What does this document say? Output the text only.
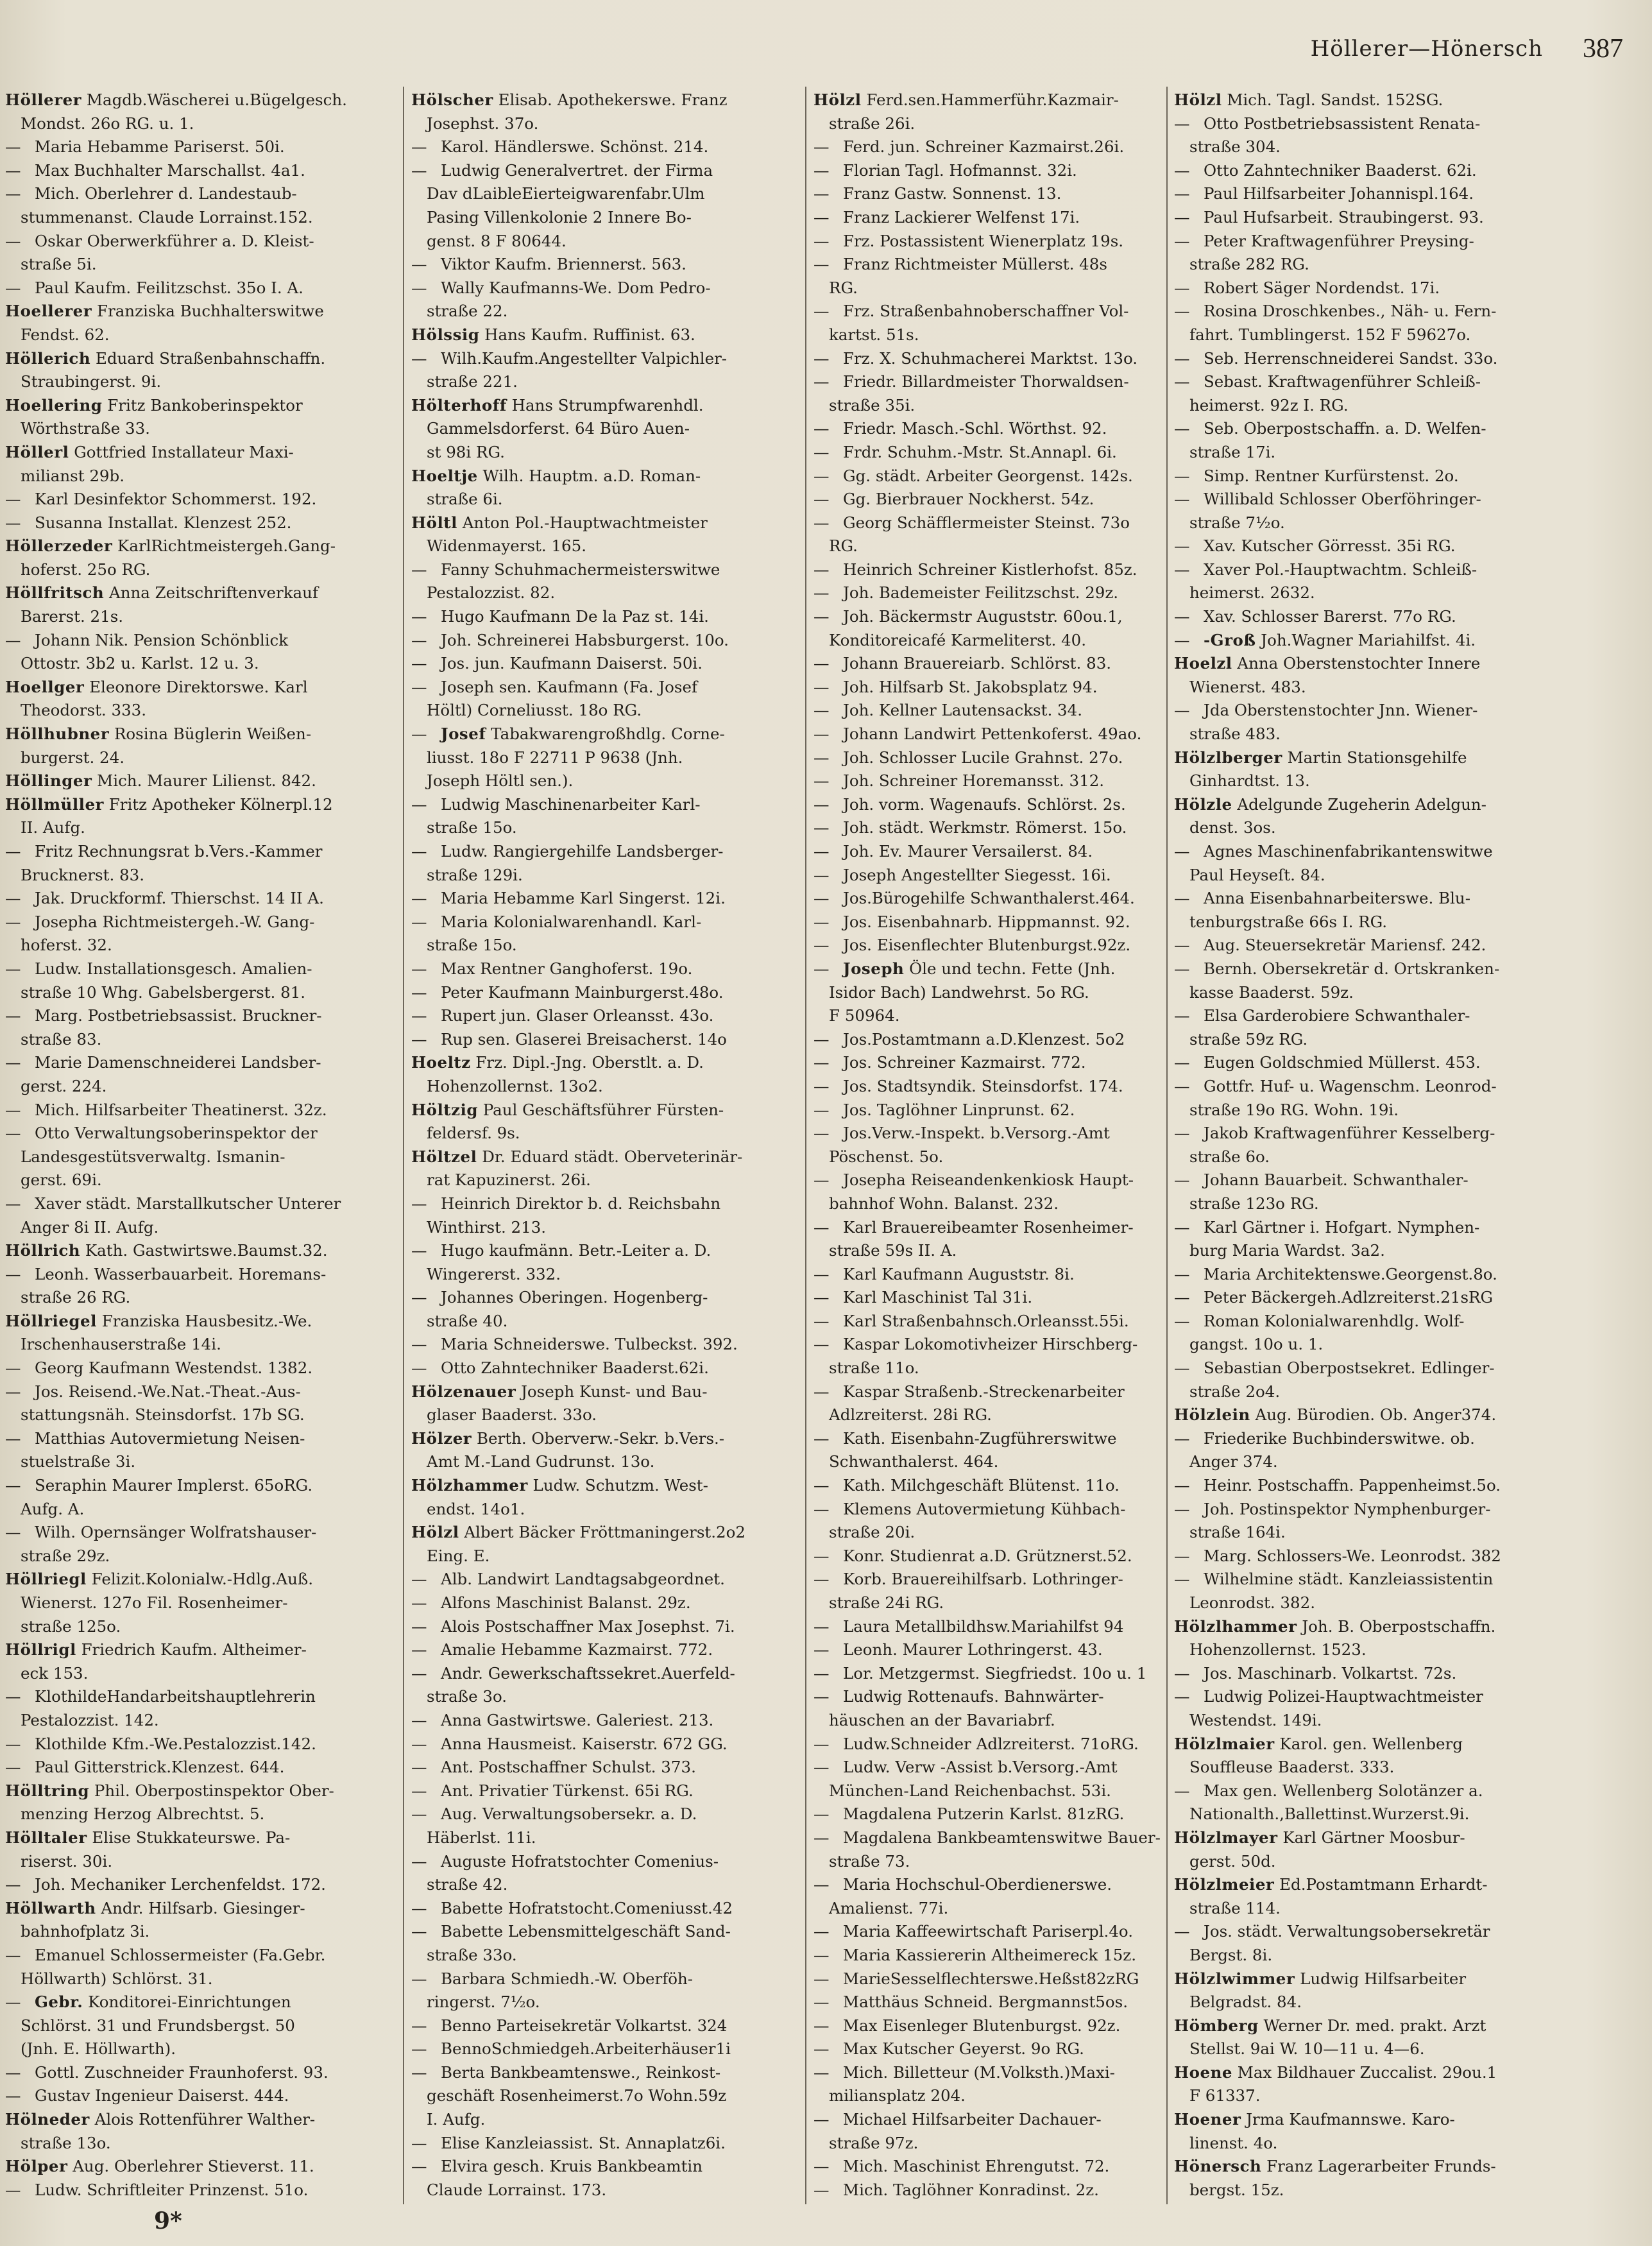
Höllerer—Hönersch 387
Höllerer Magdb.Wäscherei u.Bügelgesch.
Mondst. 26o RG. u. 1.
— Maria Hebamme Pariserst. 50i.
— Max Buchhalter Marschallst. 4a1.
— Mich. Oberlehrer d. Landestaub-
stummenanst. Claude Lorrainst.152.
— Oskar Oberwerkführer a. D. Kleist-
straße 5i.
— Paul Kaufm. Feilitzschst. 35o I. A.
Hoellerer Franziska Buchhalterswitwe
Fendst. 62.
Höllerich Eduard Straßenbahnschaffn.
Straubingerst. 9i.
Hoellering Fritz Bankoberinspektor
Wörthstraße 33.
Höllerl Gottfried Installateur Maxi-
milianst 29b.
— Karl Desinfektor Schommerst. 192.
— Susanna Installat. Klenzest 252.
Höllerzeder KarlRichtmeistergeh.Gang-
hoferst. 25o RG.
Höllfritsch Anna Zeitschriftenverkauf
Barerst. 21s.
— Johann Nik. Pension Schönblick
Ottostr. 3b2 u. Karlst. 12 u. 3.
Hoellger Eleonore Direktorswe. Karl
Theodorst. 333.
Höllhubner Rosina Büglerin Weißen-
burgerst. 24.
Höllinger Mich. Maurer Lilienst. 842.
Höllmüller Fritz Apotheker Kölnerpl.12
II. Aufg.
— Fritz Rechnungsrat b.Vers.-Kammer
Brucknerst. 83.
— Jak. Druckformf. Thierschst. 14 II A.
— Josepha Richtmeistergeh.-W. Gang-
hoferst. 32.
— Ludw. Installationsgesch. Amalien-
straße 10 Whg. Gabelsbergerst. 81.
— Marg. Postbetriebsassist. Bruckner-
straße 83.
— Marie Damenschneiderei Landsber-
gerst. 224.
— Mich. Hilfsarbeiter Theatinerst. 32z.
— Otto Verwaltungsoberinspektor der
Landesgestütsverwaltg. Ismanin-
gerst. 69i.
— Xaver städt. Marstallkutscher Unterer
Anger 8i II. Aufg.
Höllrich Kath. Gastwirtswe.Baumst.32.
— Leonh. Wasserbauarbeit. Horemans-
straße 26 RG.
Höllriegel Franziska Hausbesitz.-We.
Irschenhauserstraße 14i.
— Georg Kaufmann Westendst. 1382.
— Jos. Reisend.-We.Nat.-Theat.-Aus-
stattungsnäh. Steinsdorfst. 17b SG.
— Matthias Autovermietung Neisen-
stuelstraße 3i.
— Seraphin Maurer Implerst. 65oRG.
Aufg. A.
— Wilh. Opernsänger Wolfratshauser-
straße 29z.
Höllriegl Felizit.Kolonialw.-Hdlg.Auß.
Wienerst. 127o Fil. Rosenheimer-
straße 125o.
Höllrigl Friedrich Kaufm. Altheimer-
eck 153.
— KlothildeHandarbeitshauptlehrerin
Pestalozzist. 142.
— Klothilde Kfm.-We.Pestalozzist.142.
— Paul Gitterstrick.Klenzest. 644.
Hölltring Phil. Oberpostinspektor Ober-
menzing Herzog Albrechtst. 5.
Hölltaler Elise Stukkateurswe. Pa-
riserst. 30i.
— Joh. Mechaniker Lerchenfeldst. 172.
Höllwarth Andr. Hilfsarb. Giesinger-
bahnhofplatz 3i.
— Emanuel Schlossermeister (Fa.Gebr.
Höllwarth) Schlörst. 31.
— Gebr. Konditorei-Einrichtungen
Schlörst. 31 und Frundsbergst. 50
(Jnh. E. Höllwarth).
— Gottl. Zuschneider Fraunhoferst. 93.
— Gustav Ingenieur Daiserst. 444.
Hölneder Alois Rottenführer Walther-
straße 13o.
Hölper Aug. Oberlehrer Stieverst. 11.
— Ludw. Schriftleiter Prinzenst. 51o.
Hölscher Elisab. Apothekerswe. Franz
Josephst. 37o.
— Karol. Händlerswe. Schönst. 214.
— Ludwig Generalvertret. der Firma
Dav dLaibleEierteigwarenfabr.Ulm
Pasing Villenkolonie 2 Innere Bo-
genst. 8 F 80644.
— Viktor Kaufm. Briennerst. 563.
— Wally Kaufmanns-We. Dom Pedro-
straße 22.
Hölssig Hans Kaufm. Ruffinist. 63.
— Wilh.Kaufm.Angestellter Valpichler-
straße 221.
Hölterhoff Hans Strumpfwarenhdl.
Gammelsdorferst. 64 Büro Auen-
st 98i RG.
Hoeltje Wilh. Hauptm. a.D. Roman-
straße 6i.
Höltl Anton Pol.-Hauptwachtmeister
Widenmayerst. 165.
— Fanny Schuhmachermeisterswitwe
Pestalozzist. 82.
— Hugo Kaufmann De la Paz st. 14i.
— Joh. Schreinerei Habsburgerst. 10o.
— Jos. jun. Kaufmann Daiserst. 50i.
— Joseph sen. Kaufmann (Fa. Josef
Höltl) Corneliusst. 18o RG.
— Josef Tabakwarengroßhdlg. Corne-
liusst. 18o F 22711 P 9638 (Jnh.
Joseph Höltl sen.).
— Ludwig Maschinenarbeiter Karl-
straße 15o.
— Ludw. Rangiergehilfe Landsberger-
straße 129i.
— Maria Hebamme Karl Singerst. 12i.
— Maria Kolonialwarenhandl. Karl-
straße 15o.
— Max Rentner Ganghoferst. 19o.
— Peter Kaufmann Mainburgerst.48o.
— Rupert jun. Glaser Orleansst. 43o.
— Rup sen. Glaserei Breisacherst. 14o
Hoeltz Frz. Dipl.-Jng. Oberstlt. a. D.
Hohenzollernst. 13o2.
Höltzig Paul Geschäftsführer Fürsten-
feldersf. 9s.
Höltzel Dr. Eduard städt. Oberveterinär-
rat Kapuzinerst. 26i.
— Heinrich Direktor b. d. Reichsbahn
Winthirst. 213.
— Hugo kaufmänn. Betr.-Leiter a. D.
Wingererst. 332.
— Johannes Oberingen. Hogenberg-
straße 40.
— Maria Schneiderswe. Tulbeckst. 392.
— Otto Zahntechniker Baaderst.62i.
Hölzenauer Joseph Kunst- und Bau-
glaser Baaderst. 33o.
Hölzer Berth. Oberverw.-Sekr. b.Vers.-
Amt M.-Land Gudrunst. 13o.
Hölzhammer Ludw. Schutzm. West-
endst. 14o1.
Hölzl Albert Bäcker Fröttmaningerst.2o2
Eing. E.
— Alb. Landwirt Landtagsabgeordnet.
— Alfons Maschinist Balanst. 29z.
— Alois Postschaffner Max Josephst. 7i.
— Amalie Hebamme Kazmairst. 772.
— Andr. Gewerkschaftssekret.Auerfeld-
straße 3o.
— Anna Gastwirtswe. Galeriest. 213.
— Anna Hausmeist. Kaiserstr. 672 GG.
— Ant. Postschaffner Schulst. 373.
— Ant. Privatier Türkenst. 65i RG.
— Aug. Verwaltungsobersekr. a. D.
Häberlst. 11i.
— Auguste Hofratstochter Comenius-
straße 42.
— Babette Hofratstocht.Comeniusst.42
— Babette Lebensmittelgeschäft Sand-
straße 33o.
— Barbara Schmiedh.-W. Oberföh-
ringerst. 7½o.
— Benno Parteisekretär Volkartst. 324
— BennoSchmiedgeh.Arbeiterhäuser1i
— Berta Bankbeamtenswe., Reinkost-
geschäft Rosenheimerst.7o Wohn.59z
I. Aufg.
— Elise Kanzleiassist. St. Annaplatz6i.
— Elvira gesch. Kruis Bankbeamtin
Claude Lorrainst. 173.
Hölzl Ferd.sen.Hammerführ.Kazmair-
straße 26i.
— Ferd. jun. Schreiner Kazmairst.26i.
— Florian Tagl. Hofmannst. 32i.
— Franz Gastw. Sonnenst. 13.
— Franz Lackierer Welfenst 17i.
— Frz. Postassistent Wienerplatz 19s.
— Franz Richtmeister Müllerst. 48s
RG.
— Frz. Straßenbahnoberschaffner Vol-
kartst. 51s.
— Frz. X. Schuhmacherei Marktst. 13o.
— Friedr. Billardmeister Thorwaldsen-
straße 35i.
— Friedr. Masch.-Schl. Wörthst. 92.
— Frdr. Schuhm.-Mstr. St.Annapl. 6i.
— Gg. städt. Arbeiter Georgenst. 142s.
— Gg. Bierbrauer Nockherst. 54z.
— Georg Schäfflermeister Steinst. 73o
RG.
— Heinrich Schreiner Kistlerhofst. 85z.
— Joh. Bademeister Feilitzschst. 29z.
— Joh. Bäckermstr Auguststr. 60ou.1,
Konditoreicafé Karmeliterst. 40.
— Johann Brauereiarb. Schlörst. 83.
— Joh. Hilfsarb St. Jakobsplatz 94.
— Joh. Kellner Lautensackst. 34.
— Johann Landwirt Pettenkoferst. 49ao.
— Joh. Schlosser Lucile Grahnst. 27o.
— Joh. Schreiner Horemansst. 312.
— Joh. vorm. Wagenaufs. Schlörst. 2s.
— Joh. städt. Werkmstr. Römerst. 15o.
— Joh. Ev. Maurer Versailerst. 84.
— Joseph Angestellter Siegesst. 16i.
— Jos.Bürogehilfe Schwanthalerst.464.
— Jos. Eisenbahnarb. Hippmannst. 92.
— Jos. Eisenflechter Blutenburgst.92z.
— Joseph Öle und techn. Fette (Jnh.
Isidor Bach) Landwehrst. 5o RG.
F 50964.
— Jos.Postamtmann a.D.Klenzest. 5o2
— Jos. Schreiner Kazmairst. 772.
— Jos. Stadtsyndik. Steinsdorfst. 174.
— Jos. Taglöhner Linprunst. 62.
— Jos.Verw.-Inspekt. b.Versorg.-Amt
Pöschenst. 5o.
— Josepha Reiseandenkenkiosk Haupt-
bahnhof Wohn. Balanst. 232.
— Karl Brauereibeamter Rosenheimer-
straße 59s II. A.
— Karl Kaufmann Auguststr. 8i.
— Karl Maschinist Tal 31i.
— Karl Straßenbahnsch.Orleansst.55i.
— Kaspar Lokomotivheizer Hirschberg-
straße 11o.
— Kaspar Straßenb.-Streckenarbeiter
Adlzreiterst. 28i RG.
— Kath. Eisenbahn-Zugführerswitwe
Schwanthalerst. 464.
— Kath. Milchgeschäft Blütenst. 11o.
— Klemens Autovermietung Kühbach-
straße 20i.
— Konr. Studienrat a.D. Grütznerst.52.
— Korb. Brauereihilfsarb. Lothringer-
straße 24i RG.
— Laura Metallbildhsw.Mariahilfst 94
— Leonh. Maurer Lothringerst. 43.
— Lor. Metzgermst. Siegfriedst. 10o u. 1
— Ludwig Rottenaufs. Bahnwärter-
häuschen an der Bavariabrf.
— Ludw.Schneider Adlzreiterst. 71oRG.
— Ludw. Verw -Assist b.Versorg.-Amt
München-Land Reichenbachst. 53i.
— Magdalena Putzerin Karlst. 81zRG.
— Magdalena Bankbeamtenswitwe Bauer-
straße 73.
— Maria Hochschul-Oberdienerswe.
Amalienst. 77i.
— Maria Kaffeewirtschaft Pariserpl.4o.
— Maria Kassiererin Altheimereck 15z.
— MarieSesselflechterswe.Heßst82zRG
— Matthäus Schneid. Bergmannst5os.
— Max Eisenleger Blutenburgst. 92z.
— Max Kutscher Geyerst. 9o RG.
— Mich. Billetteur (M.Volksth.)Maxi-
miliansplatz 204.
— Michael Hilfsarbeiter Dachauer-
straße 97z.
— Mich. Maschinist Ehrengutst. 72.
— Mich. Taglöhner Konradinst. 2z.
Hölzl Mich. Tagl. Sandst. 152SG.
— Otto Postbetriebsassistent Renata-
straße 304.
— Otto Zahntechniker Baaderst. 62i.
— Paul Hilfsarbeiter Johannispl.164.
— Paul Hufsarbeit. Straubingerst. 93.
— Peter Kraftwagenführer Preysing-
straße 282 RG.
— Robert Säger Nordendst. 17i.
— Rosina Droschkenbes., Näh- u. Fern-
fahrt. Tumblingerst. 152 F 59627o.
— Seb. Herrenschneiderei Sandst. 33o.
— Sebast. Kraftwagenführer Schleiß-
heimerst. 92z I. RG.
— Seb. Oberpostschaffn. a. D. Welfen-
straße 17i.
— Simp. Rentner Kurfürstenst. 2o.
— Willibald Schlosser Oberföhringer-
straße 7½o.
— Xav. Kutscher Görresst. 35i RG.
— Xaver Pol.-Hauptwachtm. Schleiß-
heimerst. 2632.
— Xav. Schlosser Barerst. 77o RG.
— -Groß Joh.Wagner Mariahilfst. 4i.
Hoelzl Anna Oberstenstochter Innere
Wienerst. 483.
— Jda Oberstenstochter Jnn. Wiener-
straße 483.
Hölzlberger Martin Stationsgehilfe
Ginhardtst. 13.
Hölzle Adelgunde Zugeherin Adelgun-
denst. 3os.
— Agnes Maschinenfabrikantenswitwe
Paul Heyseſt. 84.
— Anna Eisenbahnarbeiterswe. Blu-
tenburgstraße 66s I. RG.
— Aug. Steuersekretär Mariensf. 242.
— Bernh. Obersekretär d. Ortskranken-
kasse Baaderst. 59z.
— Elsa Garderobiere Schwanthaler-
straße 59z RG.
— Eugen Goldschmied Müllerst. 453.
— Gottfr. Huf- u. Wagenschm. Leonrod-
straße 19o RG. Wohn. 19i.
— Jakob Kraftwagenführer Kesselberg-
straße 6o.
— Johann Bauarbeit. Schwanthaler-
straße 123o RG.
— Karl Gärtner i. Hofgart. Nymphen-
burg Maria Wardst. 3a2.
— Maria Architektenswe.Georgenst.8o.
— Peter Bäckergeh.Adlzreiterst.21sRG
— Roman Kolonialwarenhdlg. Wolf-
gangst. 10o u. 1.
— Sebastian Oberpostsekret. Edlinger-
straße 2o4.
Hölzlein Aug. Bürodien. Ob. Anger374.
— Friederike Buchbinderswitwe. ob.
Anger 374.
— Heinr. Postschaffn. Pappenheimst.5o.
— Joh. Postinspektor Nymphenburger-
straße 164i.
— Marg. Schlossers-We. Leonrodst. 382
— Wilhelmine städt. Kanzleiassistentin
Leonrodst. 382.
Hölzlhammer Joh. B. Oberpostschaffn.
Hohenzollernst. 1523.
— Jos. Maschinarb. Volkartst. 72s.
— Ludwig Polizei-Hauptwachtmeister
Westendst. 149i.
Hölzlmaier Karol. gen. Wellenberg
Souffleuse Baaderst. 333.
— Max gen. Wellenberg Solotänzer a.
Nationalth.,Ballettinst.Wurzerst.9i.
Hölzlmayer Karl Gärtner Moosbur-
gerst. 50d.
Hölzlmeier Ed.Postamtmann Erhardt-
straße 114.
— Jos. städt. Verwaltungsobersekretär
Bergst. 8i.
Hölzlwimmer Ludwig Hilfsarbeiter
Belgradst. 84.
Hömberg Werner Dr. med. prakt. Arzt
Stellst. 9ai W. 10—11 u. 4—6.
Hoene Max Bildhauer Zuccalist. 29ou.1
F 61337.
Hoener Jrma Kaufmannswe. Karo-
linenst. 4o.
Hönersch Franz Lagerarbeiter Frunds-
bergst. 15z.
9*
